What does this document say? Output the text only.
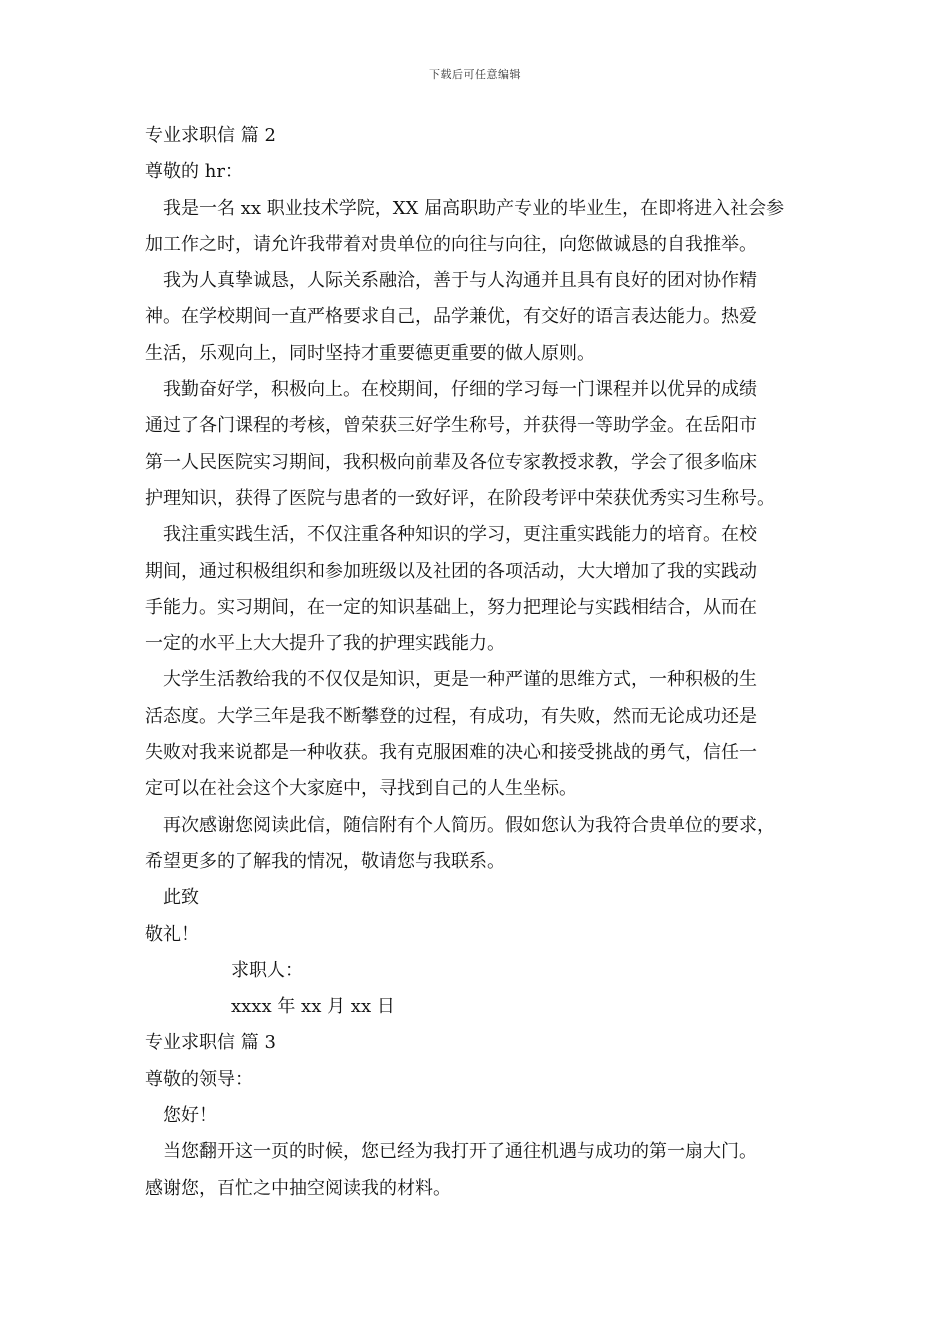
下载后可任意编辑
专业求职信 篇 2
尊敬的 hr：
我是一名 xx 职业技术学院，XX 届高职助产专业的毕业生，在即将进入社会参
加工作之时，请允许我带着对贵单位的向往与向往，向您做诚恳的自我推举。
我为人真挚诚恳，人际关系融洽，善于与人沟通并且具有良好的团对协作精
神。在学校期间一直严格要求自己，品学兼优，有交好的语言表达能力。热爱
生活，乐观向上，同时坚持才重要德更重要的做人原则。
我勤奋好学，积极向上。在校期间，仔细的学习每一门课程并以优异的成绩
通过了各门课程的考核，曾荣获三好学生称号，并获得一等助学金。在岳阳市
第一人民医院实习期间，我积极向前辈及各位专家教授求教，学会了很多临床
护理知识，获得了医院与患者的一致好评，在阶段考评中荣获优秀实习生称号。
我注重实践生活，不仅注重各种知识的学习，更注重实践能力的培育。在校
期间，通过积极组织和参加班级以及社团的各项活动，大大增加了我的实践动
手能力。实习期间，在一定的知识基础上，努力把理论与实践相结合，从而在
一定的水平上大大提升了我的护理实践能力。
大学生活教给我的不仅仅是知识，更是一种严谨的思维方式，一种积极的生
活态度。大学三年是我不断攀登的过程，有成功，有失败，然而无论成功还是
失败对我来说都是一种收获。我有克服困难的决心和接受挑战的勇气，信任一
定可以在社会这个大家庭中，寻找到自己的人生坐标。
再次感谢您阅读此信，随信附有个人简历。假如您认为我符合贵单位的要求，
希望更多的了解我的情况，敬请您与我联系。
此致
敬礼！
求职人：
xxxx 年 xx 月 xx 日
专业求职信 篇 3
尊敬的领导：
您好！
当您翻开这一页的时候，您已经为我打开了通往机遇与成功的第一扇大门。
感谢您，百忙之中抽空阅读我的材料。
